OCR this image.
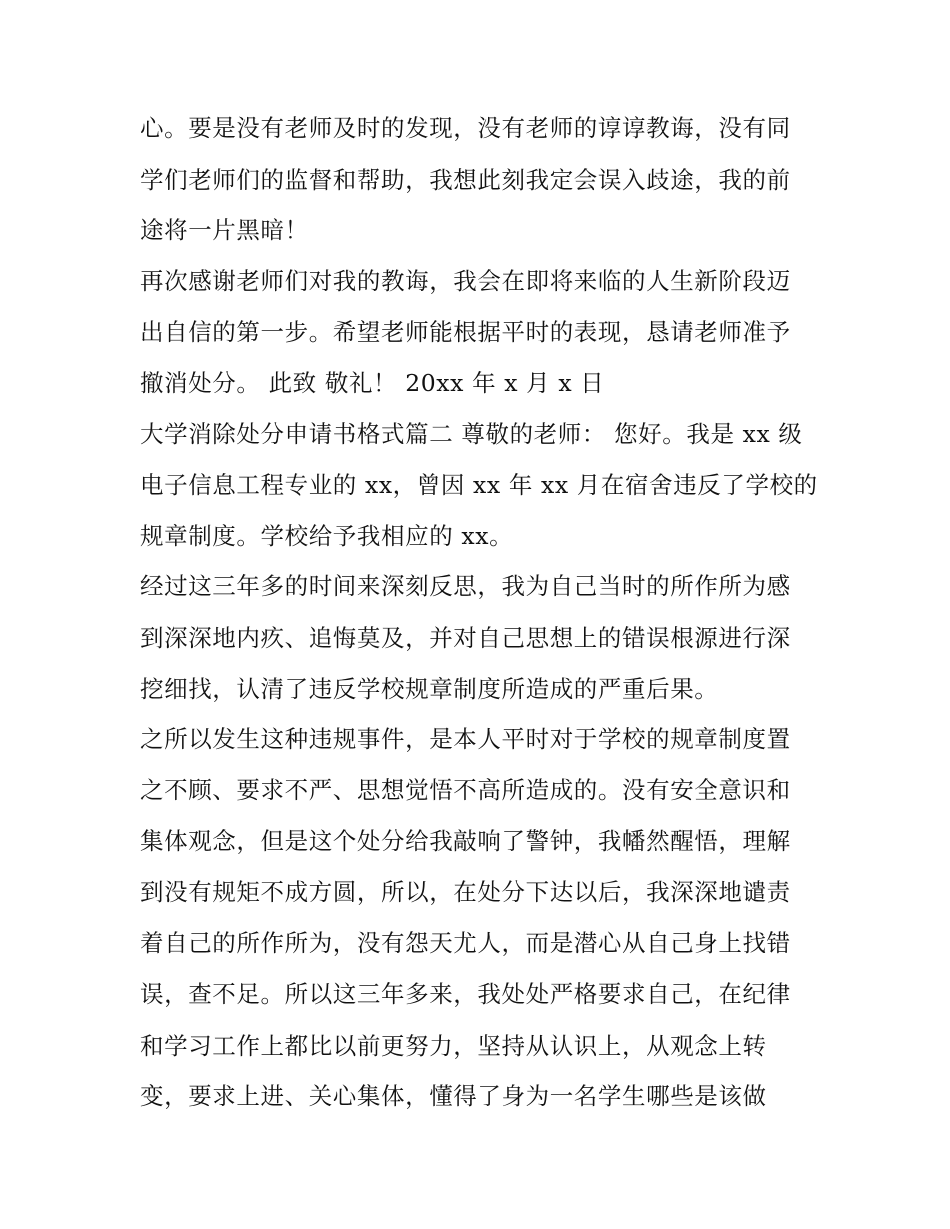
心。要是没有老师及时的发现，没有老师的谆谆教诲，没有同

学们老师们的监督和帮助，我想此刻我定会误入歧途，我的前

途将一片黑暗！

再次感谢老师们对我的教诲，我会在即将来临的人生新阶段迈

出自信的第一步。希望老师能根据平时的表现，恳请老师准予

撤消处分。 此致 敬礼！ 20xx 年 x 月 x 日

大学消除处分申请书格式篇二 尊敬的老师： 您好。我是 xx 级

电子信息工程专业的 xx，曾因 xx 年 xx 月在宿舍违反了学校的

规章制度。学校给予我相应的 xx。

经过这三年多的时间来深刻反思，我为自己当时的所作所为感

到深深地内疚、追悔莫及，并对自己思想上的错误根源进行深

挖细找，认清了违反学校规章制度所造成的严重后果。

之所以发生这种违规事件，是本人平时对于学校的规章制度置

之不顾、要求不严、思想觉悟不高所造成的。没有安全意识和

集体观念，但是这个处分给我敲响了警钟，我幡然醒悟，理解

到没有规矩不成方圆，所以，在处分下达以后，我深深地谴责

着自己的所作所为，没有怨天尤人，而是潜心从自己身上找错

误，查不足。所以这三年多来，我处处严格要求自己，在纪律

和学习工作上都比以前更努力，坚持从认识上，从观念上转

变，要求上进、关心集体，懂得了身为一名学生哪些是该做
